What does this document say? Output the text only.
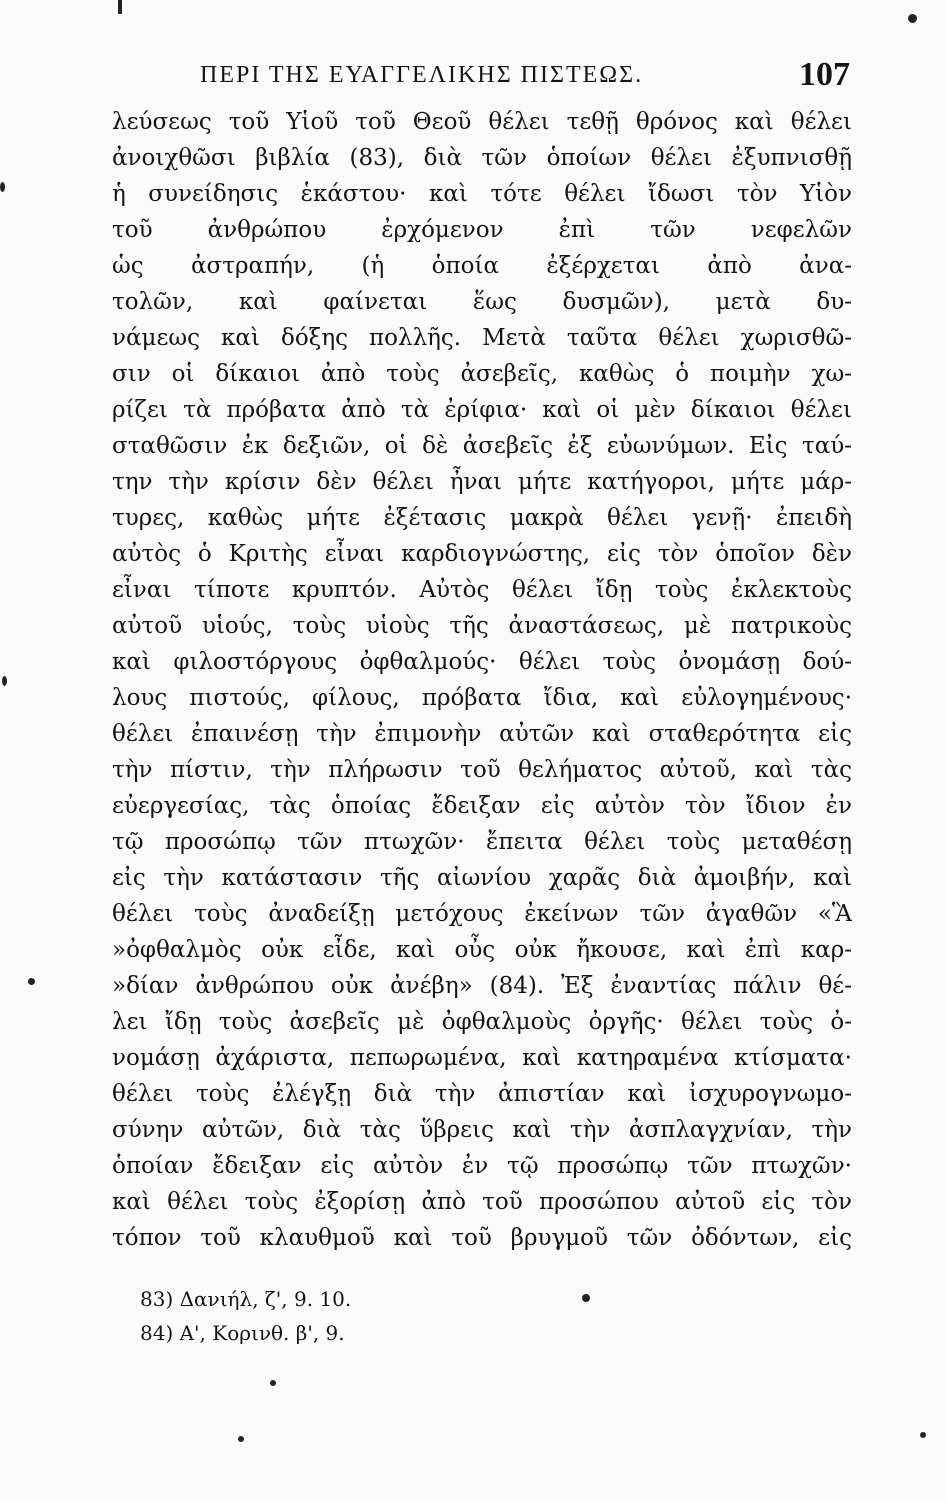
ΠΕΡΙ ΤΗΣ ΕΥΑΓΓΕΛΙΚΗΣ ΠΙΣΤΕΩΣ.	107
λεύσεως τοῦ Υἱοῦ τοῦ Θεοῦ θέλει τεθῇ θρόνος καὶ θέλει
ἀνοιχθῶσι βιβλία (83), διὰ τῶν ὁποίων θέλει ἐξυπνισθῇ
ἡ συνείδησις ἑκάστου· καὶ τότε θέλει ἴδωσι τὸν Υἱὸν
τοῦ ἀνθρώπου ἐρχόμενον ἐπὶ τῶν νεφελῶν
ὡς ἀστραπήν, (ἡ ὁποία ἐξέρχεται ἀπὸ ἀνα-
τολῶν, καὶ φαίνεται ἕως δυσμῶν), μετὰ δυ-
νάμεως καὶ δόξης πολλῆς. Μετὰ ταῦτα θέλει χωρισθῶ-
σιν οἱ δίκαιοι ἀπὸ τοὺς ἀσεβεῖς, καθὼς ὁ ποιμὴν χω-
ρίζει τὰ πρόβατα ἀπὸ τὰ ἐρίφια· καὶ οἱ μὲν δίκαιοι θέλει
σταθῶσιν ἐκ δεξιῶν, οἱ δὲ ἀσεβεῖς ἐξ εὐωνύμων. Εἰς ταύ-
την τὴν κρίσιν δὲν θέλει ἦναι μήτε κατήγοροι, μήτε μάρ-
τυρες, καθὼς μήτε ἐξέτασις μακρὰ θέλει γενῇ· ἐπειδὴ
αὐτὸς ὁ Κριτὴς εἶναι καρδιογνώστης, εἰς τὸν ὁποῖον δὲν
εἶναι τίποτε κρυπτόν. Αὐτὸς θέλει ἴδῃ τοὺς ἐκλεκτοὺς
αὐτοῦ υἱούς, τοὺς υἱοὺς τῆς ἀναστάσεως, μὲ πατρικοὺς
καὶ φιλοστόργους ὀφθαλμούς· θέλει τοὺς ὀνομάσῃ δού-
λους πιστούς, φίλους, πρόβατα ἴδια, καὶ εὐλογημένους·
θέλει ἐπαινέσῃ τὴν ἐπιμονὴν αὐτῶν καὶ σταθερότητα εἰς
τὴν πίστιν, τὴν πλήρωσιν τοῦ θελήματος αὐτοῦ, καὶ τὰς
εὐεργεσίας, τὰς ὁποίας ἔδειξαν εἰς αὐτὸν τὸν ἴδιον ἐν
τῷ προσώπῳ τῶν πτωχῶν· ἔπειτα θέλει τοὺς μεταθέσῃ
εἰς τὴν κατάστασιν τῆς αἰωνίου χαρᾶς διὰ ἀμοιβήν, καὶ
θέλει τοὺς ἀναδείξῃ μετόχους ἐκείνων τῶν ἀγαθῶν «Ἃ
»ὀφθαλμὸς οὐκ εἶδε, καὶ οὖς οὐκ ἤκουσε, καὶ ἐπὶ καρ-
»δίαν ἀνθρώπου οὐκ ἀνέβη» (84). Ἐξ ἐναντίας πάλιν θέ-
λει ἴδῃ τοὺς ἀσεβεῖς μὲ ὀφθαλμοὺς ὀργῆς· θέλει τοὺς ὀ-
νομάσῃ ἀχάριστα, πεπωρωμένα, καὶ κατηραμένα κτίσματα·
θέλει τοὺς ἐλέγξῃ διὰ τὴν ἀπιστίαν καὶ ἰσχυρογνωμο-
σύνην αὐτῶν, διὰ τὰς ὕβρεις καὶ τὴν ἀσπλαγχνίαν, τὴν
ὁποίαν ἔδειξαν εἰς αὐτὸν ἐν τῷ προσώπῳ τῶν πτωχῶν·
καὶ θέλει τοὺς ἐξορίσῃ ἀπὸ τοῦ προσώπου αὐτοῦ εἰς τὸν
τόπον τοῦ κλαυθμοῦ καὶ τοῦ βρυγμοῦ τῶν ὀδόντων, εἰς
83) Δανιήλ, ζ', 9. 10.
84) Α', Κορινθ. β', 9.
